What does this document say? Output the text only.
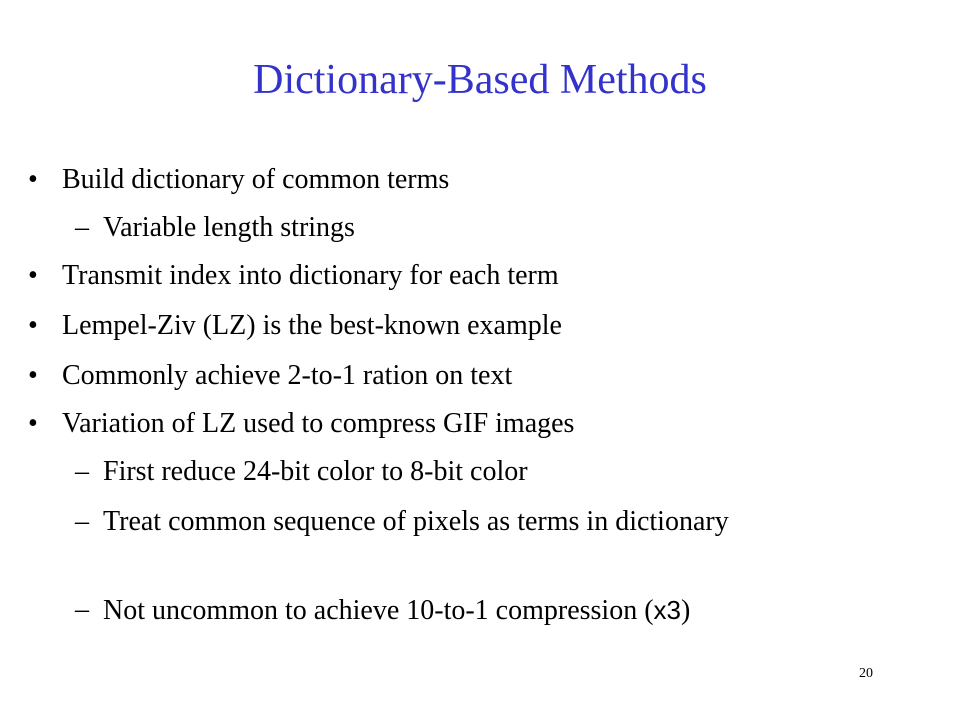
Dictionary-Based Methods
• Build dictionary of common terms
– Variable length strings
• Transmit index into dictionary for each term
• Lempel-Ziv (LZ) is the best-known example
• Commonly achieve 2-to-1 ration on text
• Variation of LZ used to compress GIF images
– First reduce 24-bit color to 8-bit color
– Treat common sequence of pixels as terms in dictionary
– Not uncommon to achieve 10-to-1 compression (x3)
20
